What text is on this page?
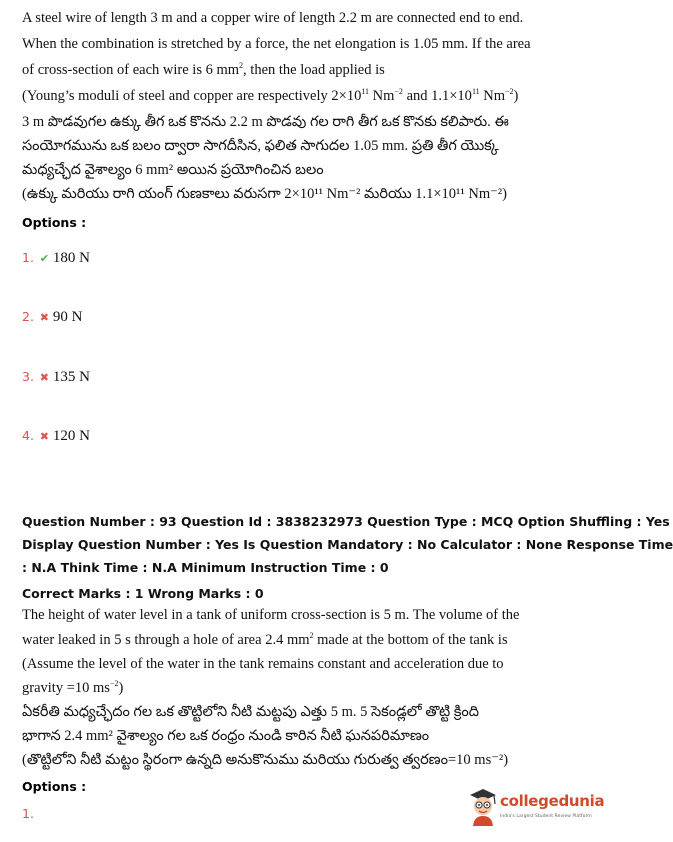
A steel wire of length 3 m and a copper wire of length 2.2 m are connected end to end.
When the combination is stretched by a force, the net elongation is 1.05 mm. If the area
of cross-section of each wire is 6 $mm^2$, then the load applied is
(Young’s moduli of steel and copper are respectively $2\times 10^{11}$ $Nm^{-2}$ and $1.1\times 10^{11}$ $Nm^{-2}$)
3 m పొడవుగల ఉక్కు తీగ ఒక కొనను 2.2 m పొడవు గల రాగి తీగ ఒక కొనకు కలిపారు. ఈ
సంయోగమును ఒక బలం ద్వారా సాగదీసిన, ఫలిత సాగుదల 1.05 mm. ప్రతి తీగ యొక్క
మధ్యచ్ఛేద వైశాల్యం 6 mm² అయిన ప్రయోగించిన బలం
(ఉక్కు మరియు రాగి యంగ్ గుణకాలు వరుసగా 2×10¹¹ Nm⁻² మరియు 1.1×10¹¹ Nm⁻²)
Options :
1. ✔ 180 N
2. ✖ 90 N
3. ✖ 135 N
4. ✖ 120 N
Question Number : 93 Question Id : 3838232973 Question Type : MCQ Option Shuffling : Yes
Display Question Number : Yes Is Question Mandatory : No Calculator : None Response Time
: N.A Think Time : N.A Minimum Instruction Time : 0
Correct Marks : 1 Wrong Marks : 0
The height of water level in a tank of uniform cross-section is 5 m. The volume of the
water leaked in 5 s through a hole of area 2.4 $mm^2$ made at the bottom of the tank is
(Assume the level of the water in the tank remains constant and acceleration due to
gravity =10 $ms^{-2}$)
ఏకరీతి మధ్యచ్ఛేదం గల ఒక తొట్టిలోని నీటి మట్టపు ఎత్తు 5 m. 5 సెకండ్లలో తొట్టి క్రింది
భాగాన 2.4 mm² వైశాల్యం గల ఒక రంధ్రం నుండి కారిన నీటి ఘనపరిమాణం
(తొట్టిలోని నీటి మట్టం స్థిరంగా ఉన్నది అనుకొనుము మరియు గురుత్వ త్వరణం=10 ms⁻²)
Options :
1.
collegedunia
India's Largest Student Review Platform
